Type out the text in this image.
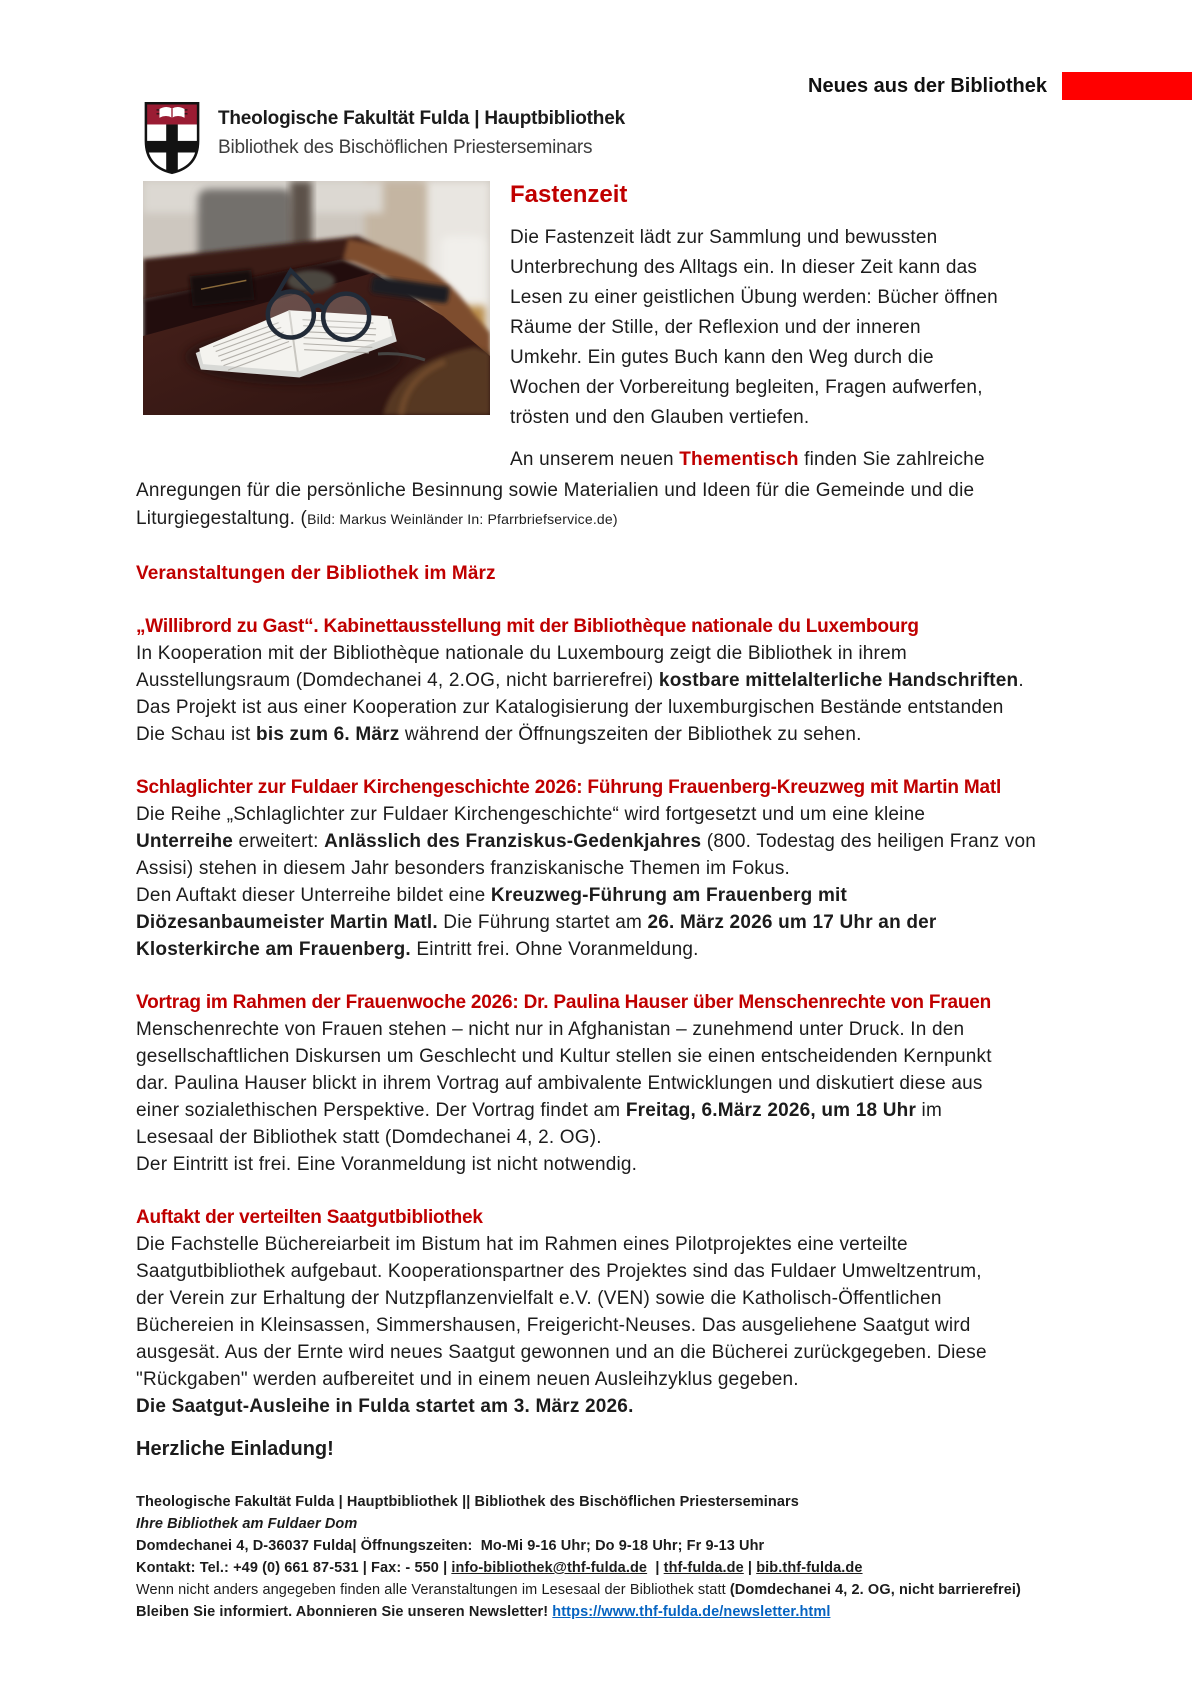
Neues aus der Bibliothek
Theologische Fakultät Fulda | Hauptbibliothek
Bibliothek des Bischöflichen Priesterseminars
Fastenzeit
Die Fastenzeit lädt zur Sammlung und bewussten
Unterbrechung des Alltags ein. In dieser Zeit kann das
Lesen zu einer geistlichen Übung werden: Bücher öffnen
Räume der Stille, der Reflexion und der inneren
Umkehr. Ein gutes Buch kann den Weg durch die
Wochen der Vorbereitung begleiten, Fragen aufwerfen,
trösten und den Glauben vertiefen.
An unserem neuen Thementisch finden Sie zahlreiche
Anregungen für die persönliche Besinnung sowie Materialien und Ideen für die Gemeinde und die
Liturgiegestaltung. (Bild: Markus Weinländer In: Pfarrbriefservice.de)
Veranstaltungen der Bibliothek im März
„Willibrord zu Gast“. Kabinettausstellung mit der Bibliothèque nationale du Luxembourg
In Kooperation mit der Bibliothèque nationale du Luxembourg zeigt die Bibliothek in ihrem
Ausstellungsraum (Domdechanei 4, 2.OG, nicht barrierefrei) kostbare mittelalterliche Handschriften.
Das Projekt ist aus einer Kooperation zur Katalogisierung der luxemburgischen Bestände entstanden
Die Schau ist bis zum 6. März während der Öffnungszeiten der Bibliothek zu sehen.
Schlaglichter zur Fuldaer Kirchengeschichte 2026: Führung Frauenberg-Kreuzweg mit Martin Matl
Die Reihe „Schlaglichter zur Fuldaer Kirchengeschichte“ wird fortgesetzt und um eine kleine
Unterreihe erweitert: Anlässlich des Franziskus-Gedenkjahres (800. Todestag des heiligen Franz von
Assisi) stehen in diesem Jahr besonders franziskanische Themen im Fokus.
Den Auftakt dieser Unterreihe bildet eine Kreuzweg-Führung am Frauenberg mit
Diözesanbaumeister Martin Matl. Die Führung startet am 26. März 2026 um 17 Uhr an der
Klosterkirche am Frauenberg. Eintritt frei. Ohne Voranmeldung.
Vortrag im Rahmen der Frauenwoche 2026: Dr. Paulina Hauser über Menschenrechte von Frauen
Menschenrechte von Frauen stehen – nicht nur in Afghanistan – zunehmend unter Druck. In den
gesellschaftlichen Diskursen um Geschlecht und Kultur stellen sie einen entscheidenden Kernpunkt
dar. Paulina Hauser blickt in ihrem Vortrag auf ambivalente Entwicklungen und diskutiert diese aus
einer sozialethischen Perspektive. Der Vortrag findet am Freitag, 6.März 2026, um 18 Uhr im
Lesesaal der Bibliothek statt (Domdechanei 4, 2. OG).
Der Eintritt ist frei. Eine Voranmeldung ist nicht notwendig.
Auftakt der verteilten Saatgutbibliothek
Die Fachstelle Büchereiarbeit im Bistum hat im Rahmen eines Pilotprojektes eine verteilte
Saatgutbibliothek aufgebaut. Kooperationspartner des Projektes sind das Fuldaer Umweltzentrum,
der Verein zur Erhaltung der Nutzpflanzenvielfalt e.V. (VEN) sowie die Katholisch-Öffentlichen
Büchereien in Kleinsassen, Simmershausen, Freigericht-Neuses. Das ausgeliehene Saatgut wird
ausgesät. Aus der Ernte wird neues Saatgut gewonnen und an die Bücherei zurückgegeben. Diese
"Rückgaben" werden aufbereitet und in einem neuen Ausleihzyklus gegeben.
Die Saatgut-Ausleihe in Fulda startet am 3. März 2026.
Herzliche Einladung!
Theologische Fakultät Fulda | Hauptbibliothek || Bibliothek des Bischöflichen Priesterseminars
Ihre Bibliothek am Fuldaer Dom
Domdechanei 4, D-36037 Fulda| Öffnungszeiten:  Mo-Mi 9-16 Uhr; Do 9-18 Uhr; Fr 9-13 Uhr
Kontakt: Tel.: +49 (0) 661 87-531 | Fax: - 550 | info-bibliothek@thf-fulda.de  | thf-fulda.de | bib.thf-fulda.de
Wenn nicht anders angegeben finden alle Veranstaltungen im Lesesaal der Bibliothek statt (Domdechanei 4, 2. OG, nicht barrierefrei)
Bleiben Sie informiert. Abonnieren Sie unseren Newsletter! https://www.thf-fulda.de/newsletter.html
